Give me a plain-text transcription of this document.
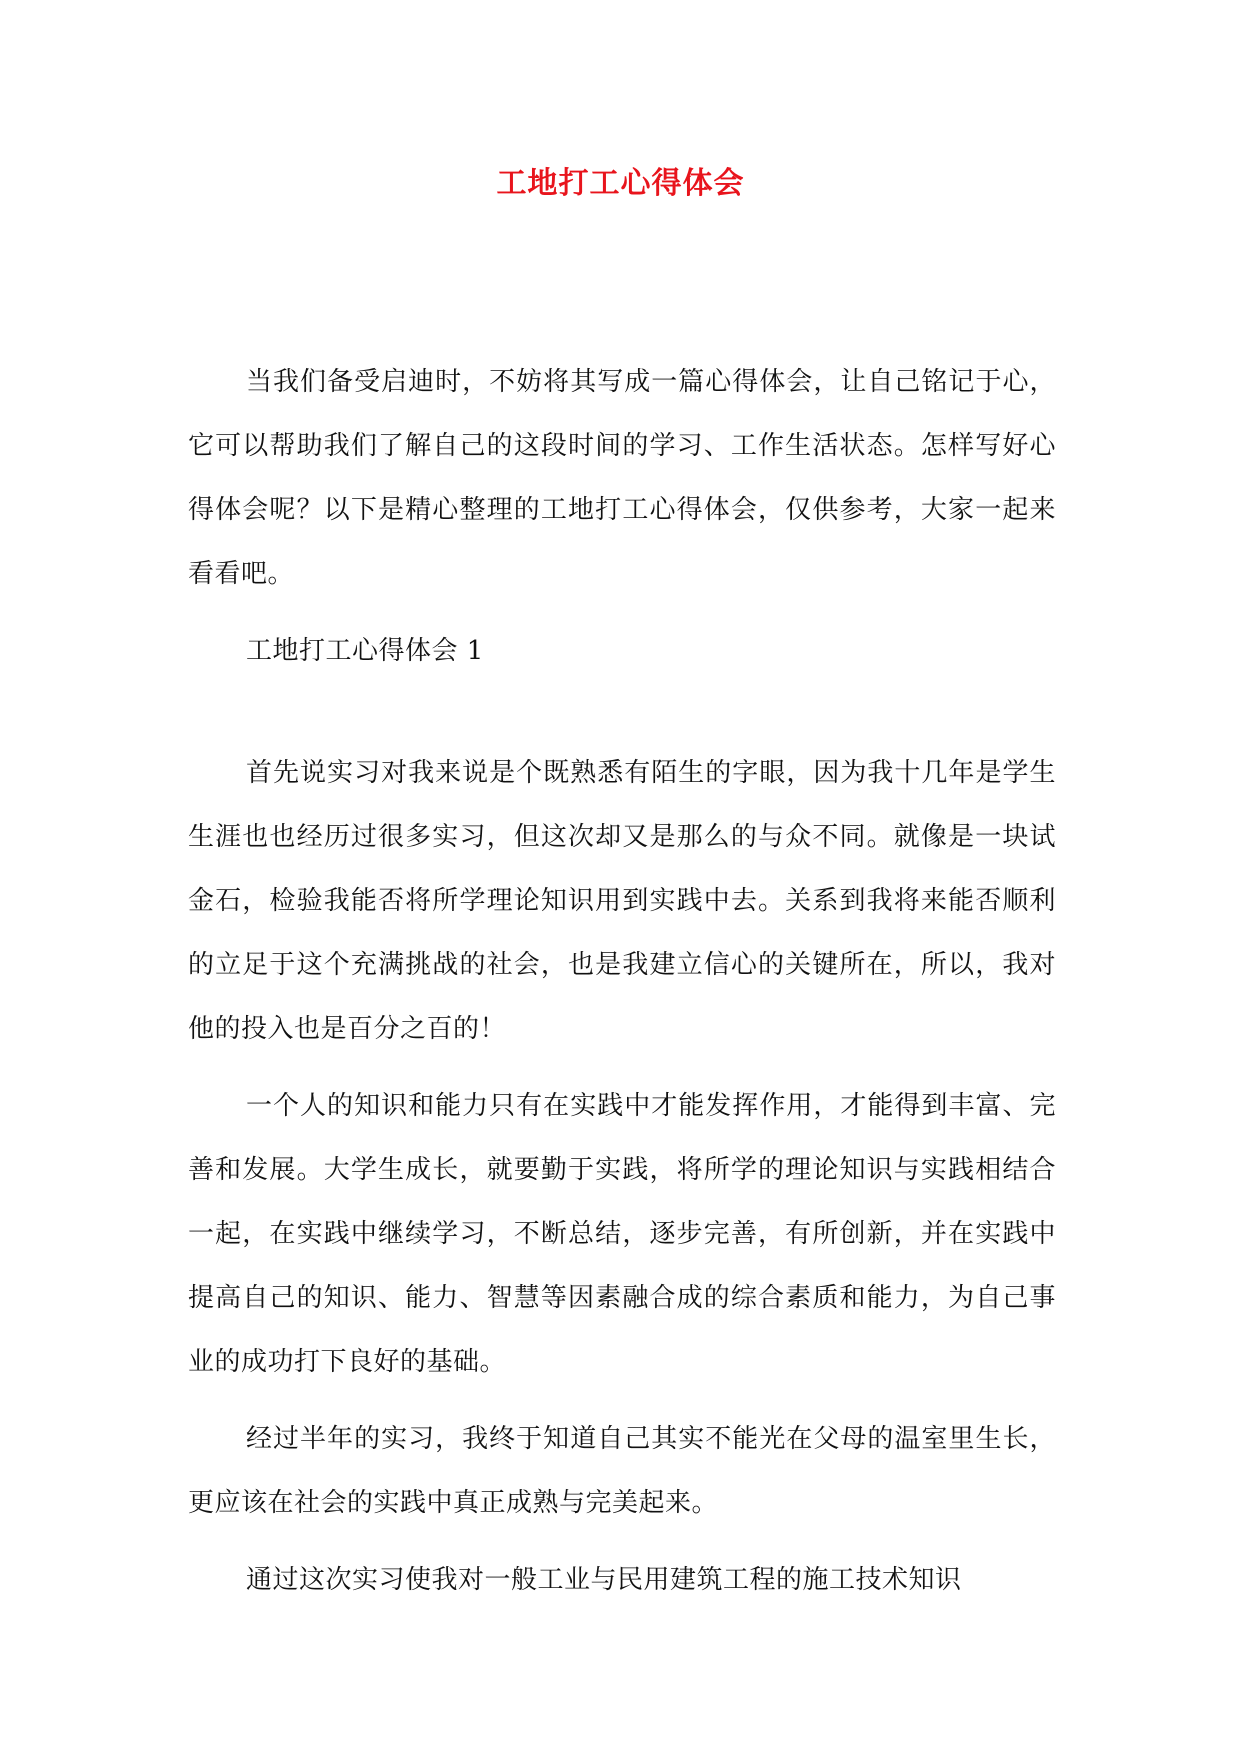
工地打工心得体会

当我们备受启迪时，不妨将其写成一篇心得体会，让自己铭记于心，它可以帮助我们了解自己的这段时间的学习、工作生活状态。怎样写好心得体会呢？以下是精心整理的工地打工心得体会，仅供参考，大家一起来看看吧。

工地打工心得体会 1

首先说实习对我来说是个既熟悉有陌生的字眼，因为我十几年是学生生涯也也经历过很多实习，但这次却又是那么的与众不同。就像是一块试金石，检验我能否将所学理论知识用到实践中去。关系到我将来能否顺利的立足于这个充满挑战的社会，也是我建立信心的关键所在，所以，我对他的投入也是百分之百的！

一个人的知识和能力只有在实践中才能发挥作用，才能得到丰富、完善和发展。大学生成长，就要勤于实践，将所学的理论知识与实践相结合一起，在实践中继续学习，不断总结，逐步完善，有所创新，并在实践中提高自己的知识、能力、智慧等因素融合成的综合素质和能力，为自己事业的成功打下良好的基础。

经过半年的实习，我终于知道自己其实不能光在父母的温室里生长，更应该在社会的实践中真正成熟与完美起来。

通过这次实习使我对一般工业与民用建筑工程的施工技术知识
